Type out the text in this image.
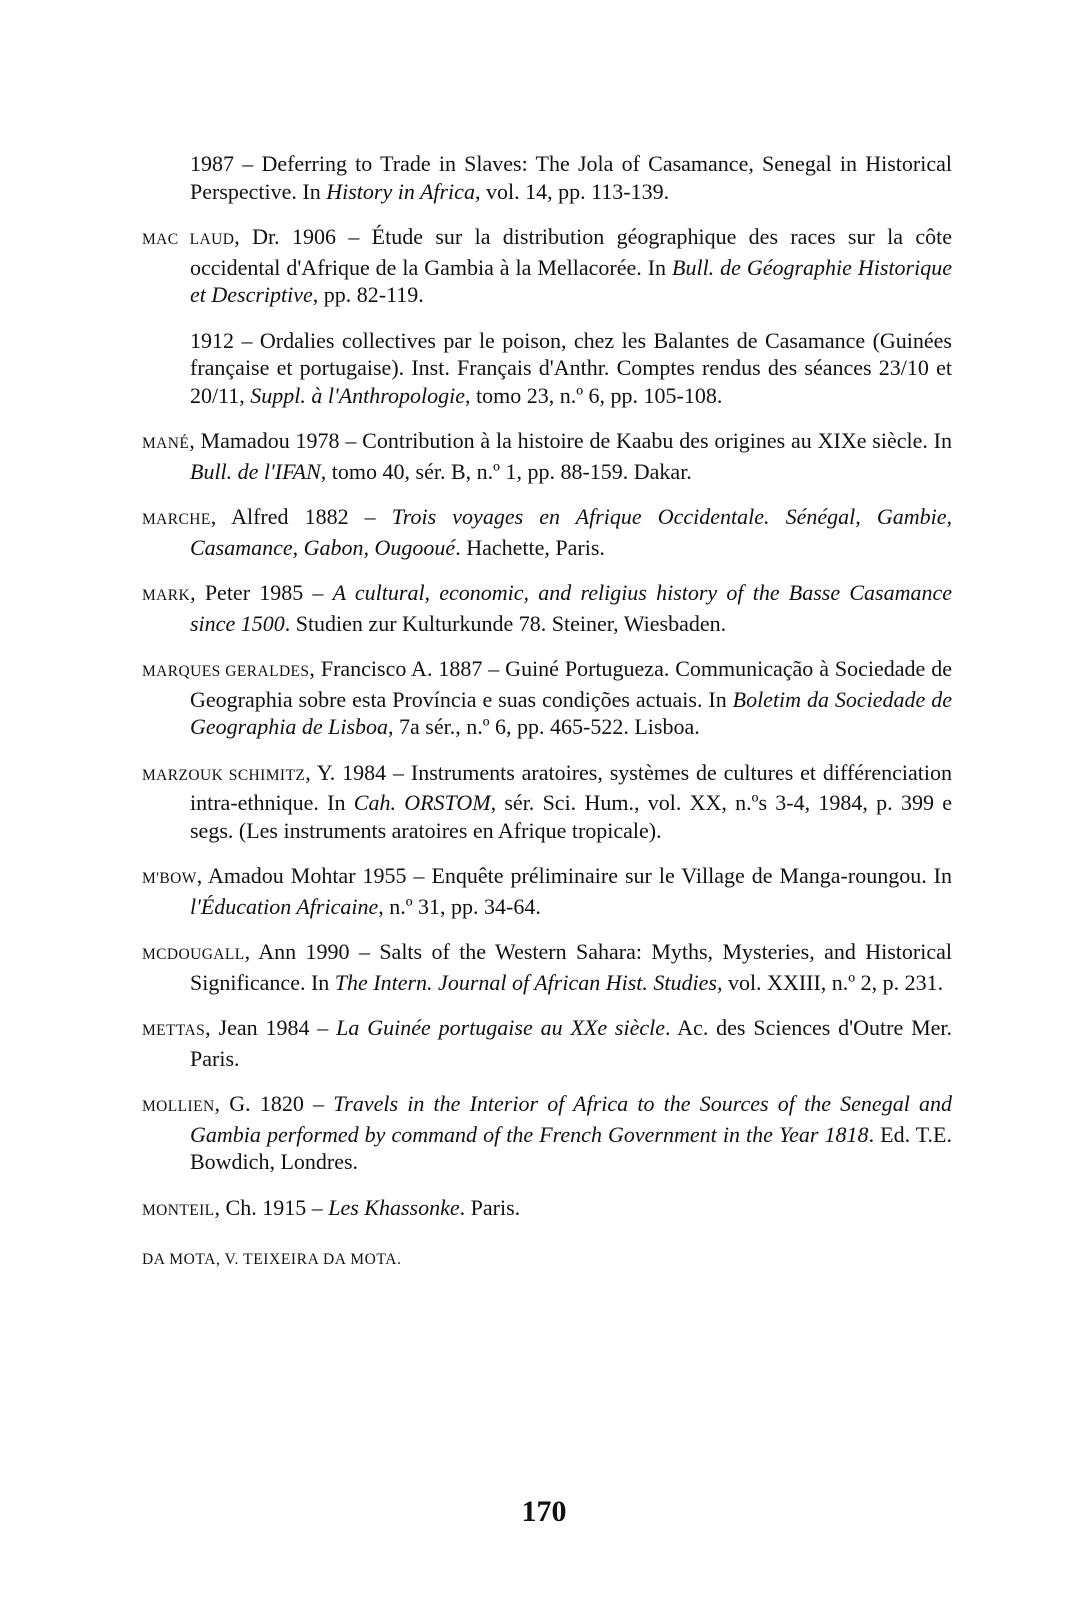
1987 – Deferring to Trade in Slaves: The Jola of Casamance, Senegal in Historical Perspective. In History in Africa, vol. 14, pp. 113-139.

MAC LAUD, Dr. 1906 – Étude sur la distribution géographique des races sur la côte occidental d'Afrique de la Gambia à la Mellacorée. In Bull. de Géographie Historique et Descriptive, pp. 82-119.

1912 – Ordalies collectives par le poison, chez les Balantes de Casamance (Guinées française et portugaise). Inst. Français d'Anthr. Comptes rendus des séances 23/10 et 20/11, Suppl. à l'Anthropologie, tomo 23, n.º 6, pp. 105-108.

MANÉ, Mamadou 1978 – Contribution à la histoire de Kaabu des origines au XIXe siècle. In Bull. de l'IFAN, tomo 40, sér. B, n.º 1, pp. 88-159. Dakar.

MARCHE, Alfred 1882 – Trois voyages en Afrique Occidentale. Sénégal, Gambie, Casamance, Gabon, Ougooué. Hachette, Paris.

MARK, Peter 1985 – A cultural, economic, and religius history of the Basse Casamance since 1500. Studien zur Kulturkunde 78. Steiner, Wiesbaden.

MARQUES GERALDES, Francisco A. 1887 – Guiné Portugueza. Communicação à Sociedade de Geographia sobre esta Província e suas condições actuais. In Boletim da Sociedade de Geographia de Lisboa, 7a sér., n.º 6, pp. 465-522. Lisboa.

MARZOUK SCHIMITZ, Y. 1984 – Instruments aratoires, systèmes de cultures et différenciation intra-ethnique. In Cah. ORSTOM, sér. Sci. Hum., vol. XX, n.ºs 3-4, 1984, p. 399 e segs. (Les instruments aratoires en Afrique tropicale).

M'BOW, Amadou Mohtar 1955 – Enquête préliminaire sur le Village de Manga-roungou. In l'Éducation Africaine, n.º 31, pp. 34-64.

MCDOUGALL, Ann 1990 – Salts of the Western Sahara: Myths, Mysteries, and Historical Significance. In The Intern. Journal of African Hist. Studies, vol. XXIII, n.º 2, p. 231.

METTAS, Jean 1984 – La Guinée portugaise au XXe siècle. Ac. des Sciences d'Outre Mer. Paris.

MOLLIEN, G. 1820 – Travels in the Interior of Africa to the Sources of the Senegal and Gambia performed by command of the French Government in the Year 1818. Ed. T.E. Bowdich, Londres.

MONTEIL, Ch. 1915 – Les Khassonke. Paris.

DA MOTA, V. TEIXEIRA DA MOTA.

170
